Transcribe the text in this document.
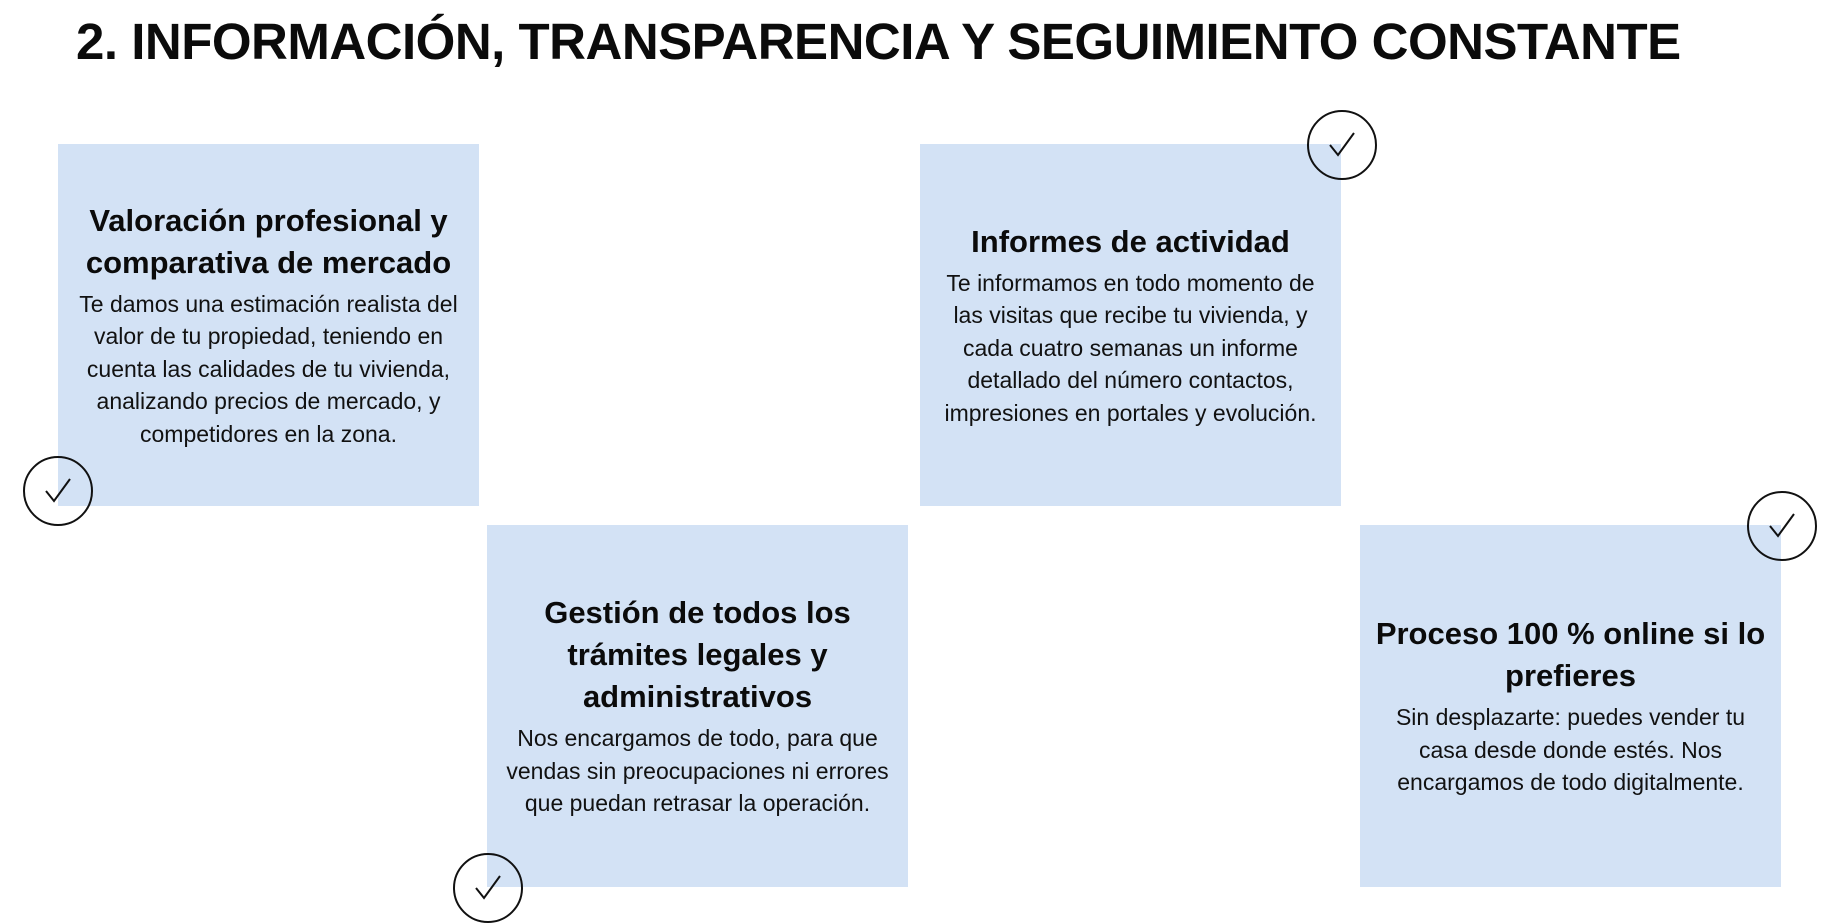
2. INFORMACIÓN, TRANSPARENCIA Y SEGUIMIENTO CONSTANTE
Valoración profesional y comparativa de mercado

Te damos una estimación realista del valor de tu propiedad, teniendo en cuenta las calidades de tu vivienda, analizando precios de mercado, y competidores en la zona.

Gestión de todos los trámites legales y administrativos

Nos encargamos de todo, para que vendas sin preocupaciones ni errores que puedan retrasar la operación.

Informes de actividad

Te informamos en todo momento de las visitas que recibe tu vivienda, y cada cuatro semanas un informe detallado del número contactos, impresiones en portales y evolución.

Proceso 100 % online si lo prefieres

Sin desplazarte: puedes vender tu casa desde donde estés. Nos encargamos de todo digitalmente.
